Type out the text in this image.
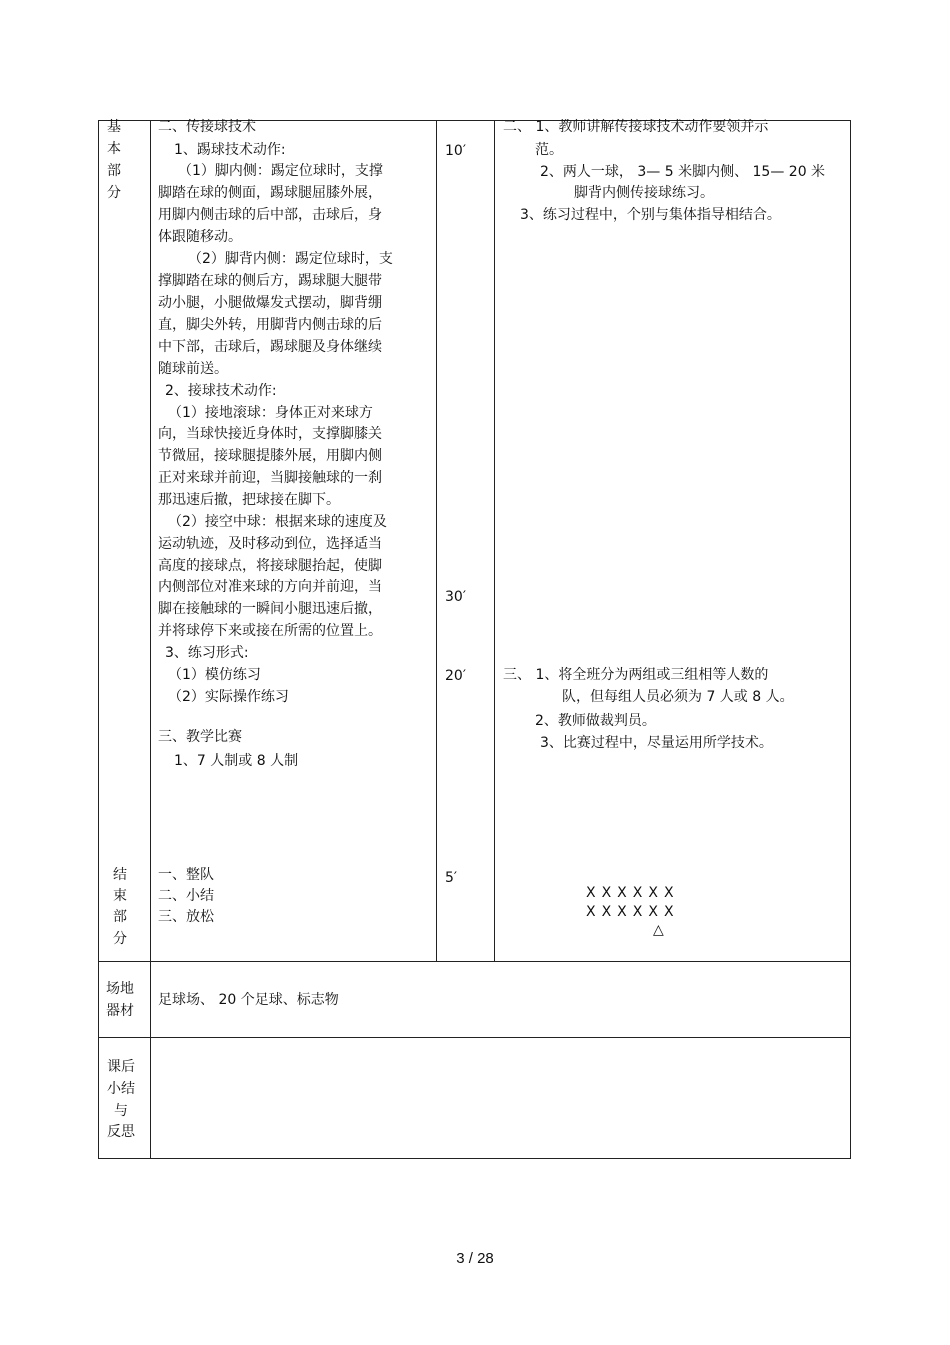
基
本
部
分
结
束
部
分
二、传接球技术
1、踢球技术动作:
（1）脚内侧：踢定位球时，支撑
脚踏在球的侧面，踢球腿屈膝外展，
用脚内侧击球的后中部，击球后，身
体跟随移动。
（2）脚背内侧：踢定位球时，支
撑脚踏在球的侧后方，踢球腿大腿带
动小腿，小腿做爆发式摆动，脚背绷
直，脚尖外转，用脚背内侧击球的后
中下部，击球后，踢球腿及身体继续
随球前送。
2、接球技术动作:
（1）接地滚球：身体正对来球方
向，当球快接近身体时，支撑脚膝关
节微屈，接球腿提膝外展，用脚内侧
正对来球并前迎，当脚接触球的一刹
那迅速后撤，把球接在脚下。
（2）接空中球：根据来球的速度及
运动轨迹，及时移动到位，选择适当
高度的接球点，将接球腿抬起，使脚
内侧部位对准来球的方向并前迎，当
脚在接触球的一瞬间小腿迅速后撤，
并将球停下来或接在所需的位置上。
3、练习形式:
（1）模仿练习
（2）实际操作练习
三、教学比赛
1、7 人制或 8 人制
一、整队
二、小结
三、放松
10′
30′
20′
5′
二、 1、教师讲解传接球技术动作要领并示
范。
2、两人一球， 3— 5 米脚内侧、 15— 20 米
脚背内侧传接球练习。
3、练习过程中，个别与集体指导相结合。
三、 1、将全班分为两组或三组相等人数的
队，但每组人员必须为 7 人或 8 人。
2、教师做裁判员。
3、比赛过程中，尽量运用所学技术。
XXXXXX
XXXXXX
△
场地
器材
足球场、 20 个足球、标志物
课后
小结
与
反思
3 / 28
